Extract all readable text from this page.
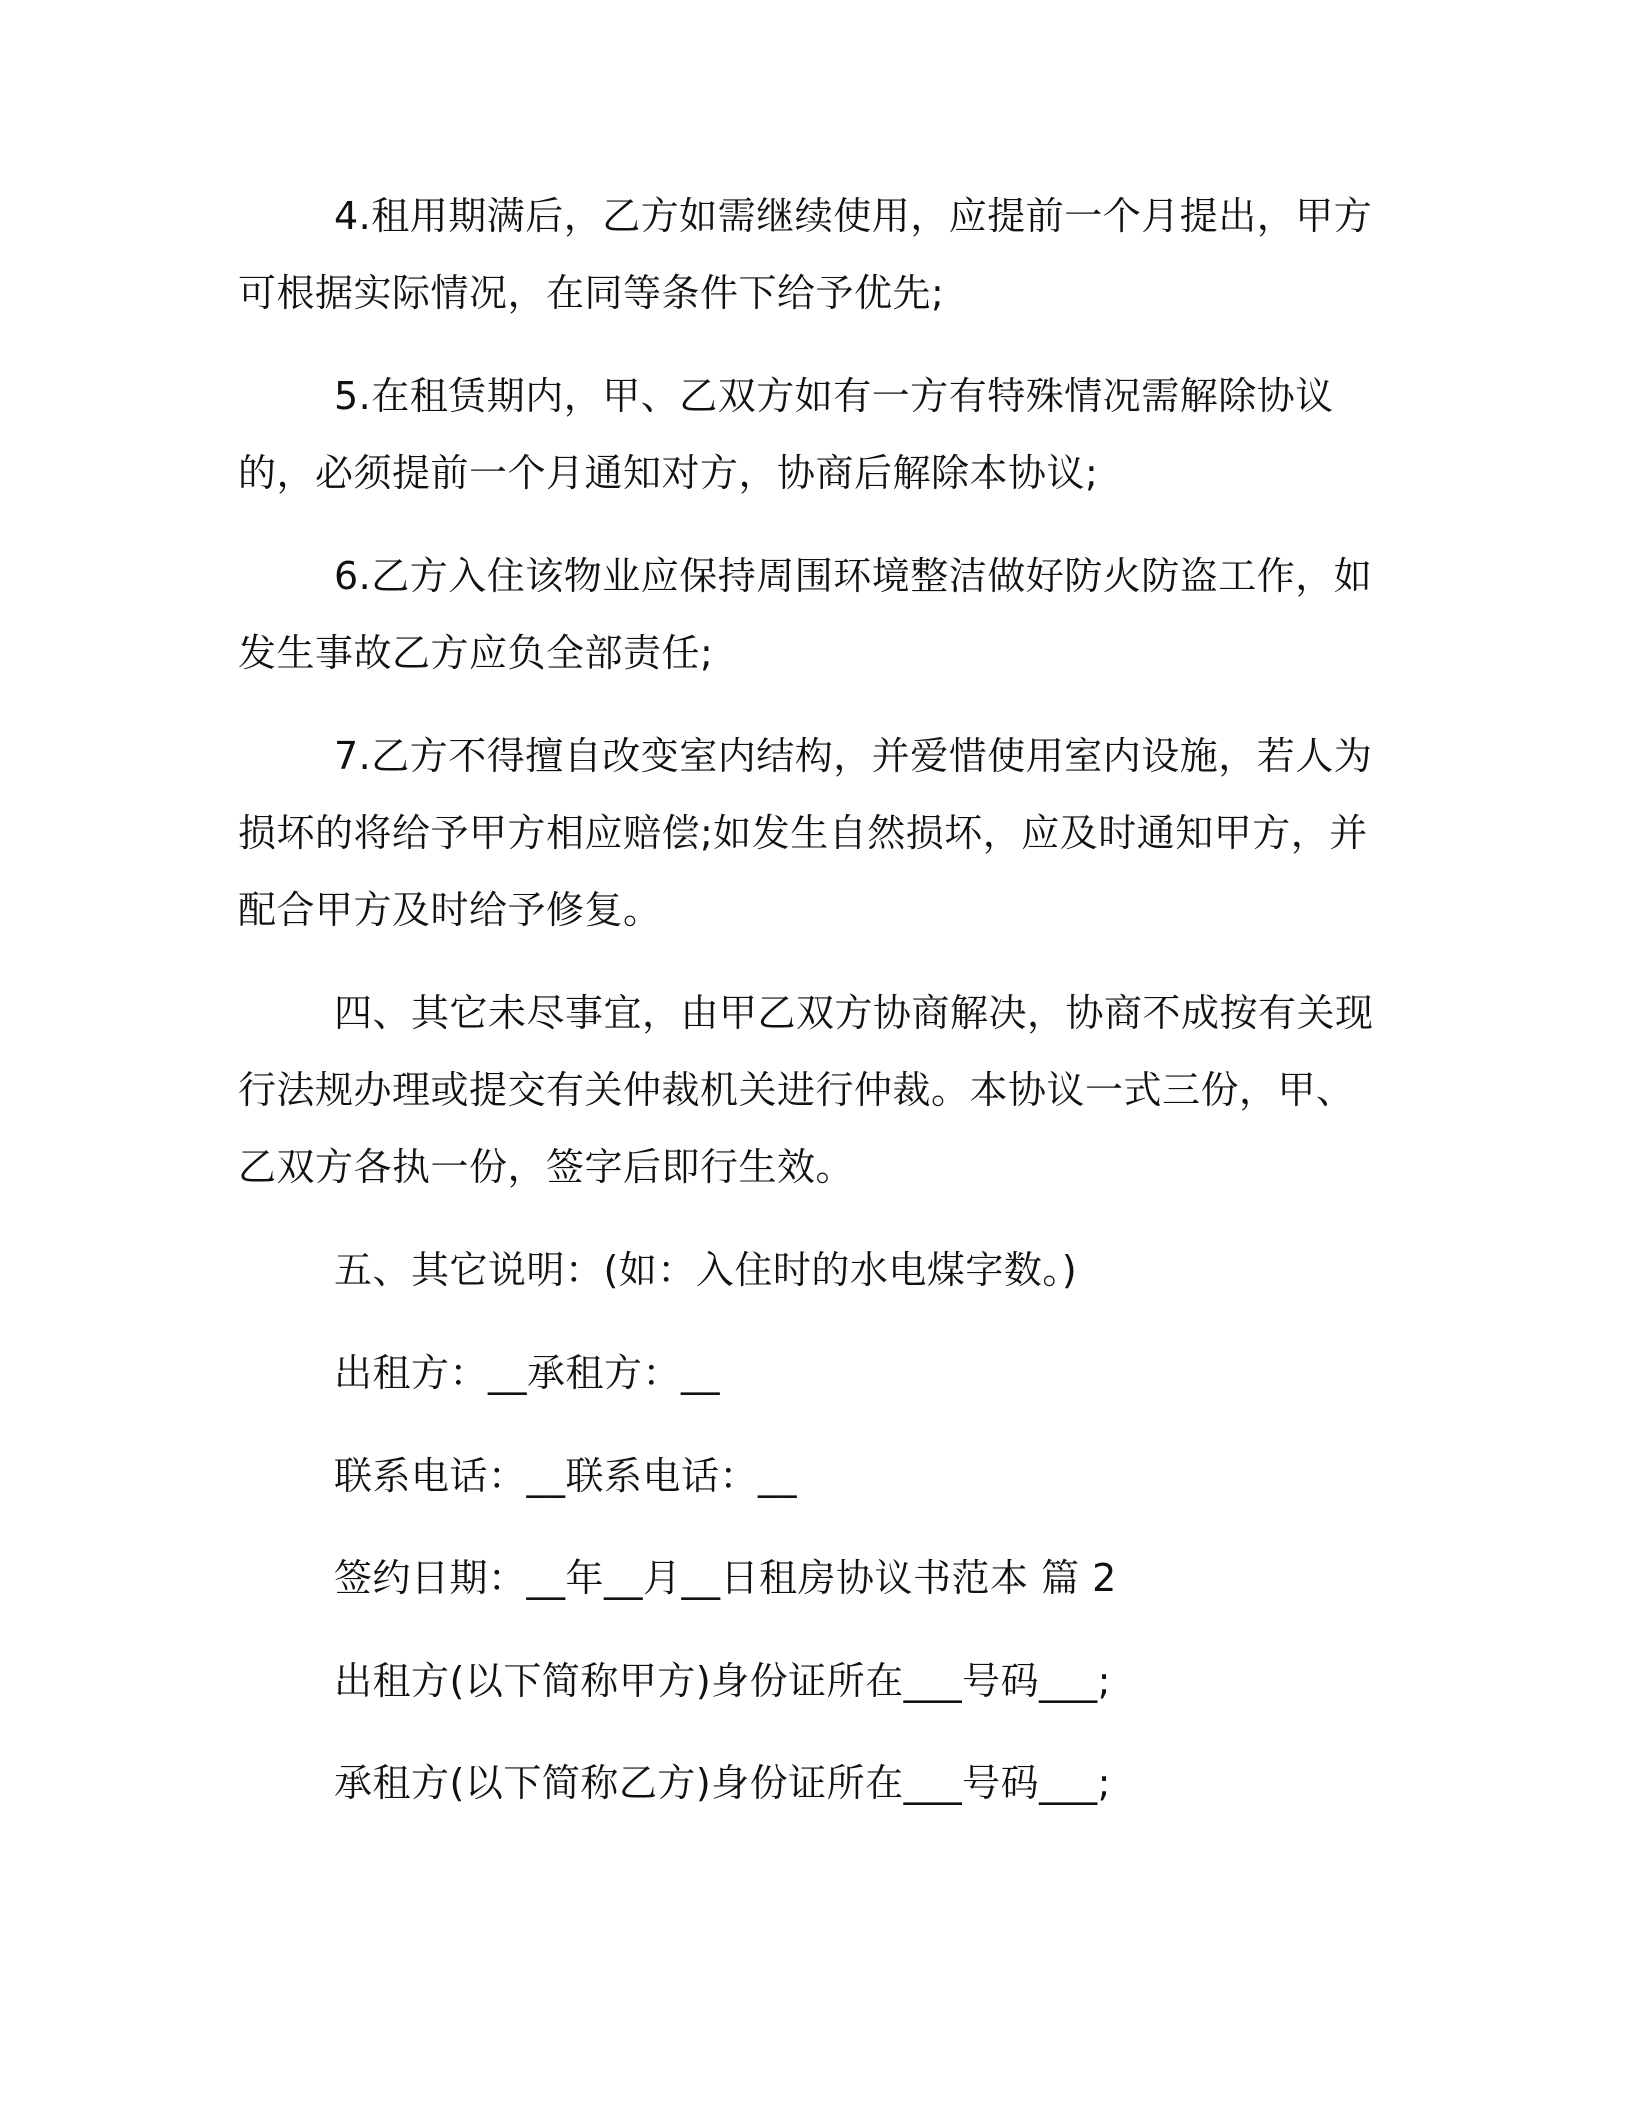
4.租用期满后，乙方如需继续使用，应提前一个月提出，甲方可根据实际情况，在同等条件下给予优先;

5.在租赁期内，甲、乙双方如有一方有特殊情况需解除协议的，必须提前一个月通知对方，协商后解除本协议;

6.乙方入住该物业应保持周围环境整洁做好防火防盗工作，如发生事故乙方应负全部责任;

7.乙方不得擅自改变室内结构，并爱惜使用室内设施，若人为损坏的将给予甲方相应赔偿;如发生自然损坏，应及时通知甲方，并配合甲方及时给予修复。

四、其它未尽事宜，由甲乙双方协商解决，协商不成按有关现行法规办理或提交有关仲裁机关进行仲裁。本协议一式三份，甲、乙双方各执一份，签字后即行生效。

五、其它说明：(如：入住时的水电煤字数。)

出租方：__承租方：__

联系电话：__联系电话：__

签约日期：__年__月__日租房协议书范本 篇 2

出租方(以下简称甲方)身份证所在___号码___;

承租方(以下简称乙方)身份证所在___号码___;
